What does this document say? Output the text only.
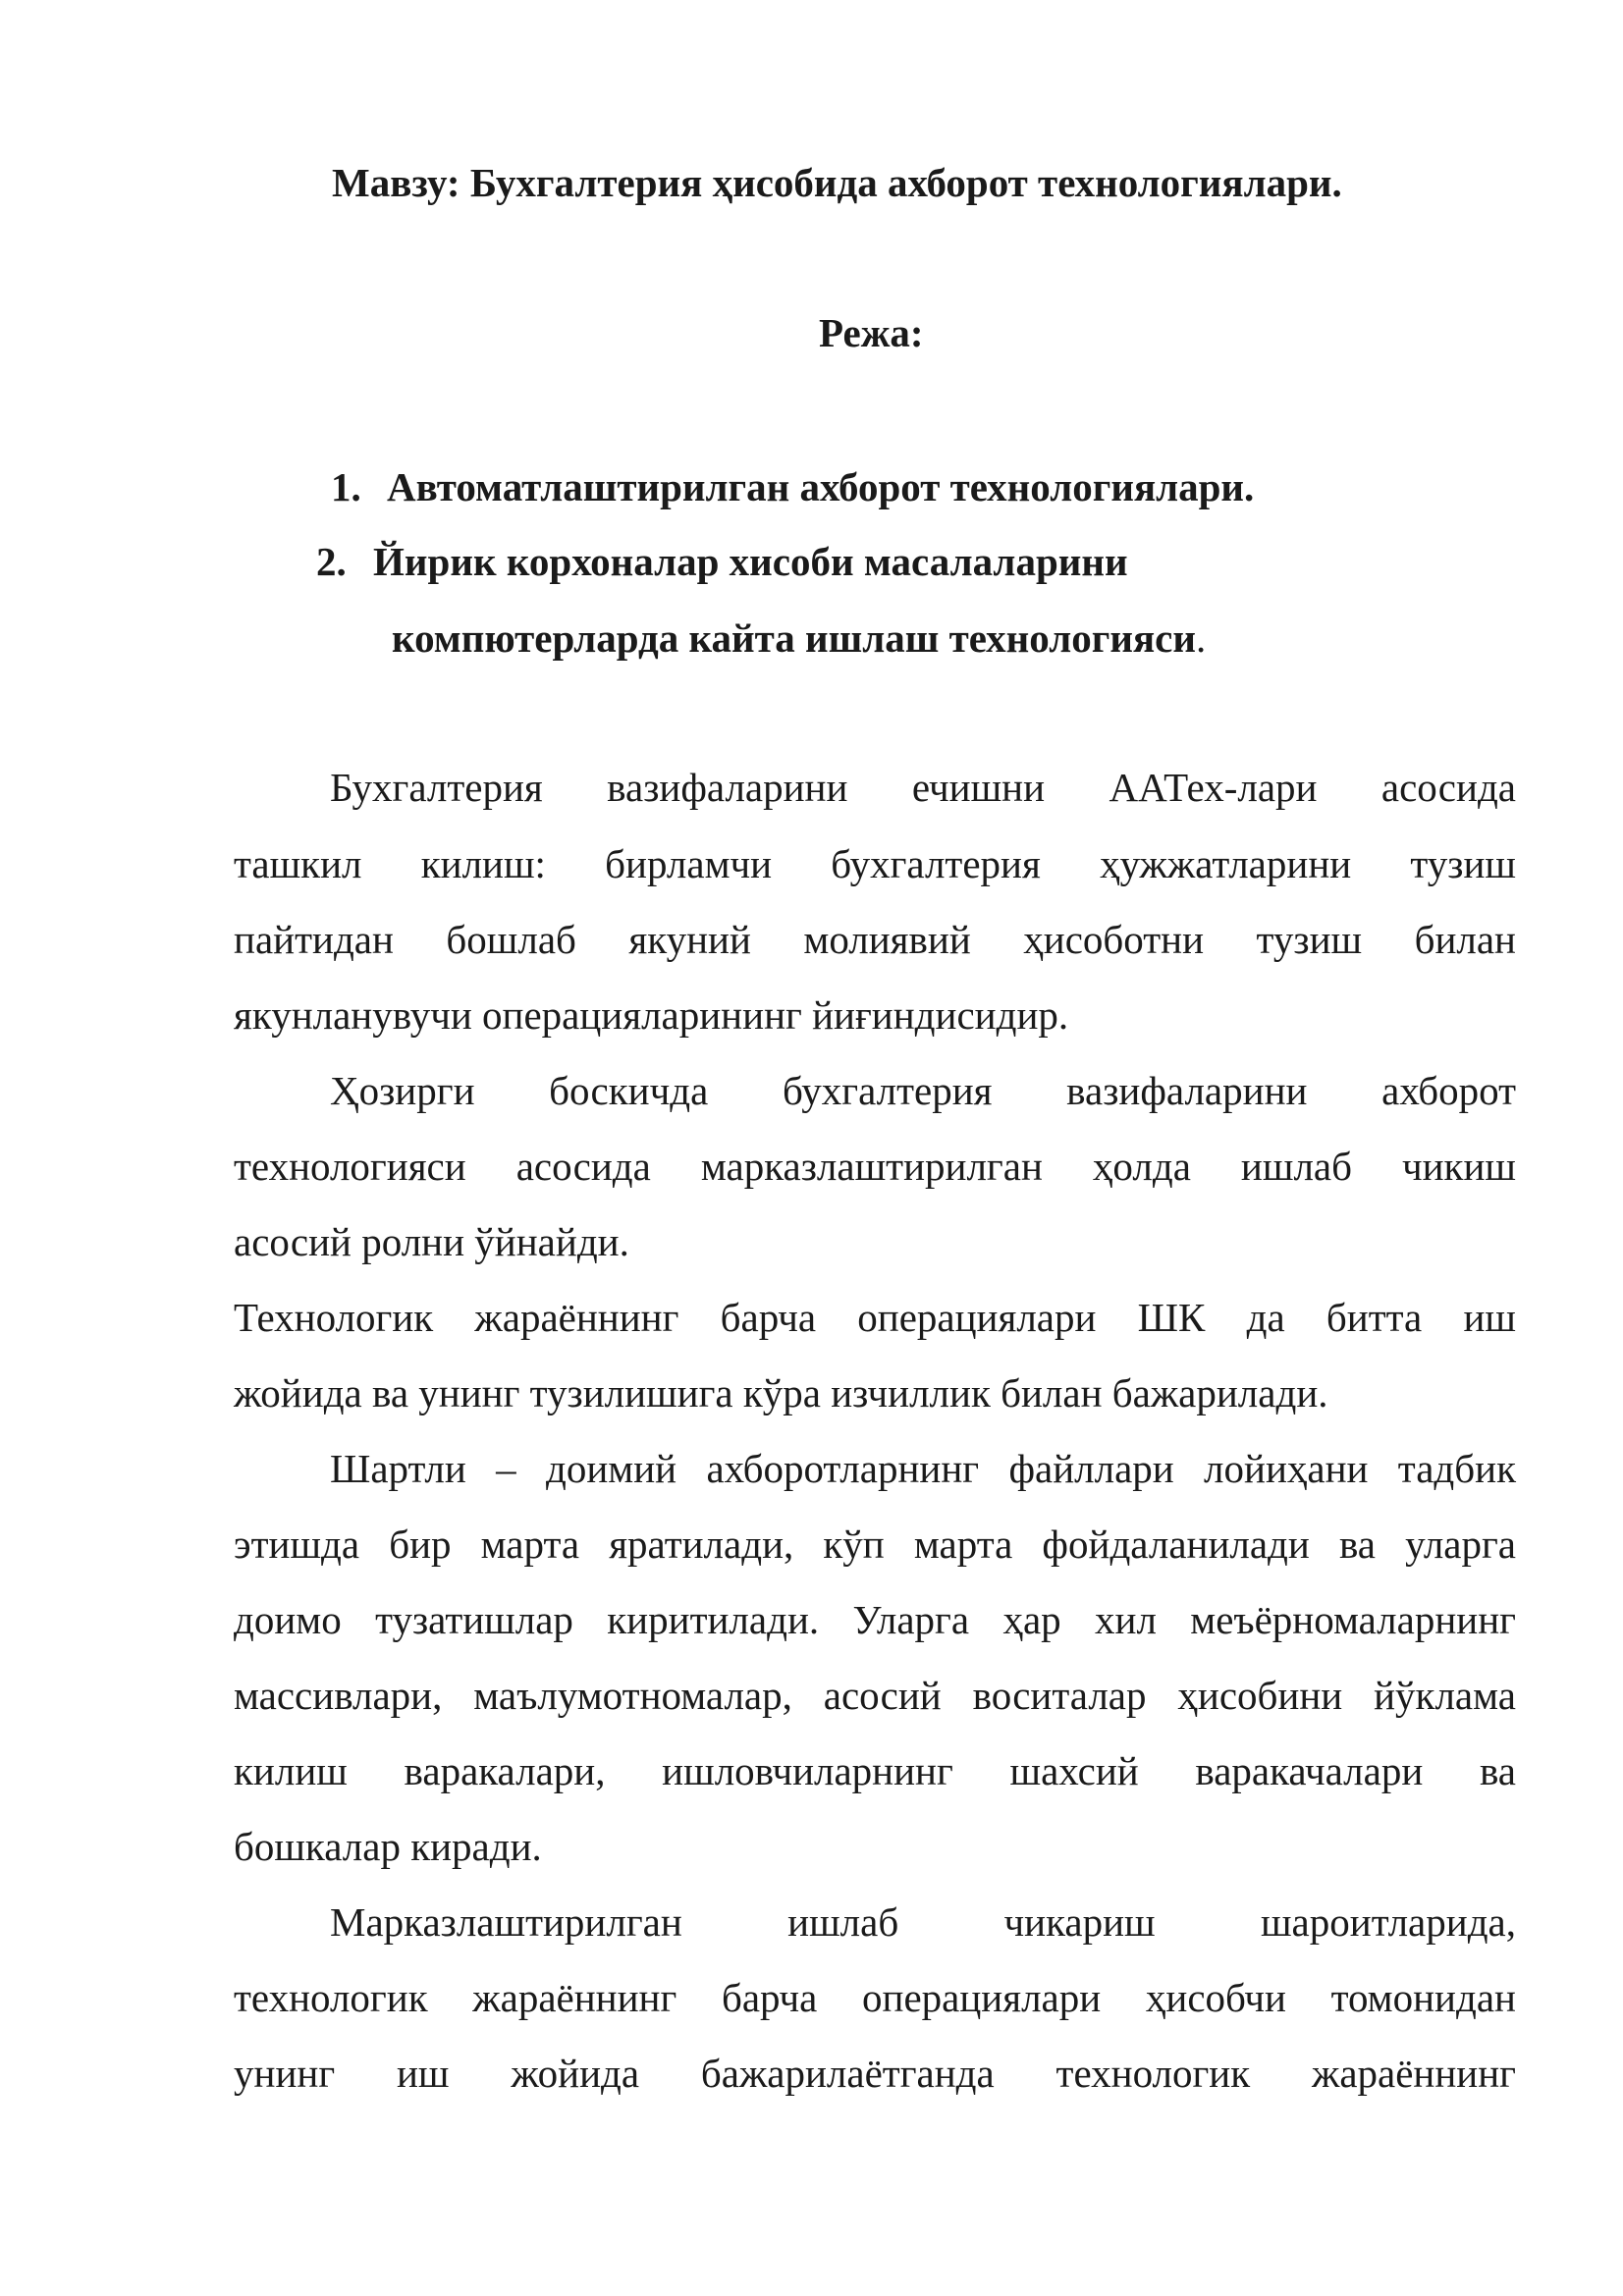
Мавзу: Бухгалтерия ҳисобида ахборот технологиялари.

Режа:

1. Автоматлаштирилган ахборот технологиялари.

2. Йирик корхоналар хисоби масалаларини

компютерларда кайта ишлаш технологияси.

Бухгалтерия вазифаларини ечишни ААТех-лари асосида

ташкил килиш: бирламчи бухгалтерия ҳужжатларини тузиш

пайтидан бошлаб якуний молиявий ҳисоботни тузиш билан

якунланувучи операцияларининг йиғиндисидир.

Ҳозирги боскичда бухгалтерия вазифаларини ахборот

технологияси асосида марказлаштирилган ҳолда ишлаб чикиш

асосий ролни ўйнайди.

Технологик жараённинг барча операциялари ШК да битта иш

жойида ва унинг тузилишига кўра изчиллик билан бажарилади.

Шартли – доимий ахборотларнинг файллари лойиҳани тадбик

этишда бир марта яратилади, кўп марта фойдаланилади ва уларга

доимо тузатишлар киритилади. Уларга ҳар хил меъёрномаларнинг

массивлари, маълумотномалар, асосий воситалар ҳисобини йўклама

килиш варакалари, ишловчиларнинг шахсий варакачалари ва

бошкалар киради.

Марказлаштирилган ишлаб чикариш шароитларида,

технологик жараённинг барча операциялари ҳисобчи томонидан

унинг иш жойида бажарилаётганда технологик жараённинг
